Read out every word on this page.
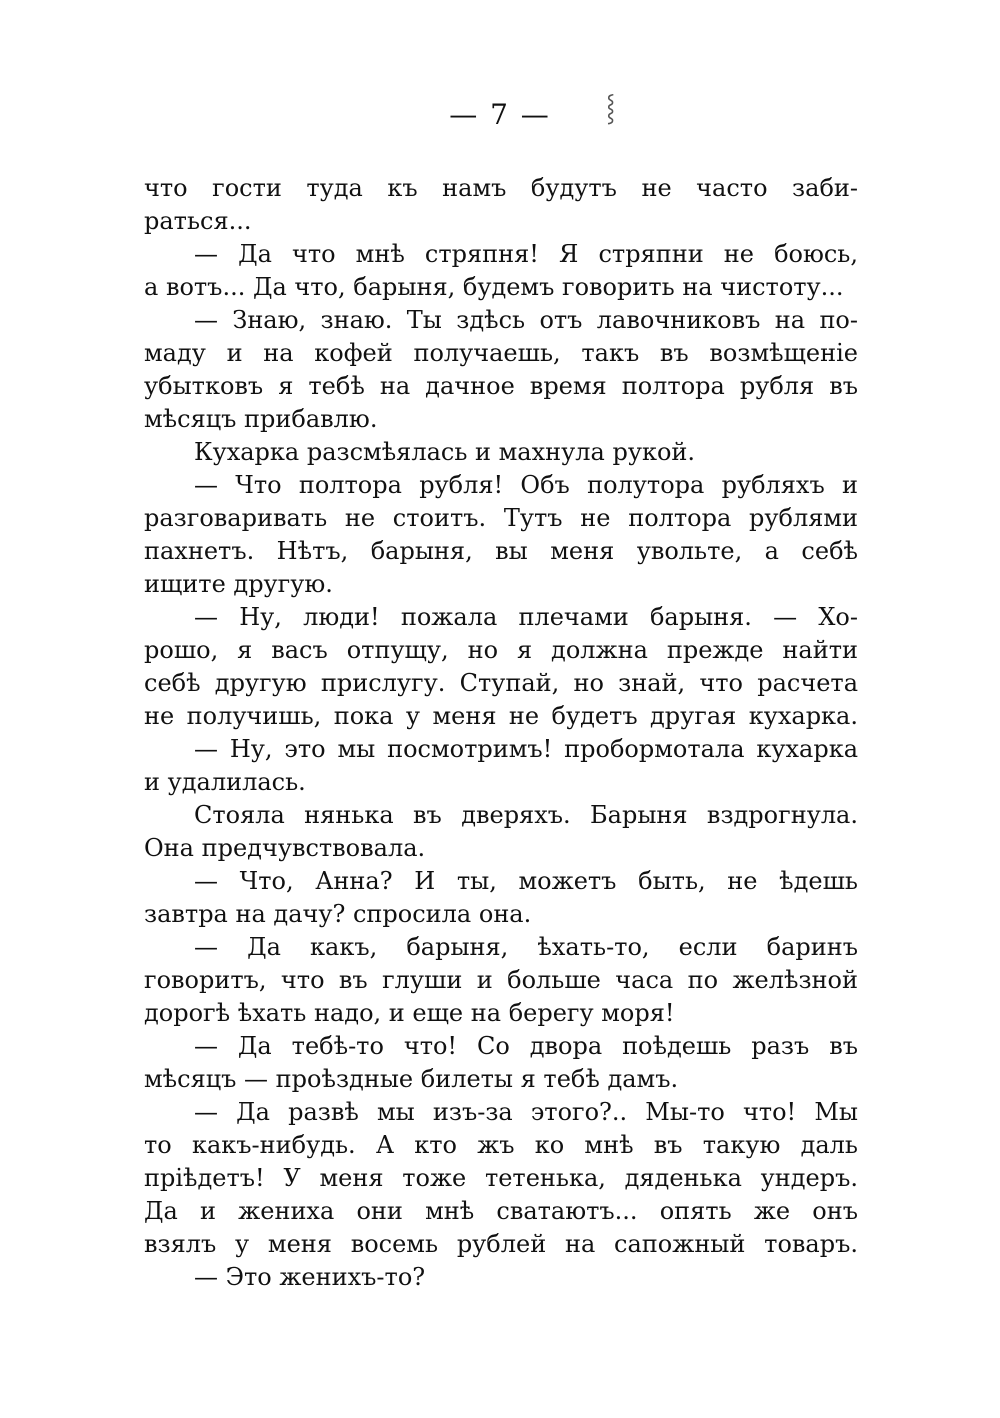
— 7 —	⸾
что гости туда къ намъ будутъ не часто заби-
раться...
— Да что мнѣ стряпня! Я стряпни не боюсь,
а вотъ... Да что, барыня, будемъ говорить на чистоту...
— Знаю, знаю. Ты здѣсь отъ лавочниковъ на по-
маду и на кофей получаешь, такъ въ возмѣщеніе
убытковъ я тебѣ на дачное время полтора рубля въ
мѣсяцъ прибавлю.
Кухарка разсмѣялась и махнула рукой.
— Что полтора рубля! Объ полутора рубляхъ и
разговаривать не стоитъ. Тутъ не полтора рублями
пахнетъ. Нѣтъ, барыня, вы меня увольте, а себѣ
ищите другую.
— Ну, люди! пожала плечами барыня. — Хо-
рошо, я васъ отпущу, но я должна прежде найти
себѣ другую прислугу. Ступай, но знай, что расчета
не получишь, пока у меня не будетъ другая кухарка.
— Ну, это мы посмотримъ! пробормотала кухарка
и удалилась.
Стояла нянька въ дверяхъ. Барыня вздрогнула.
Она предчувствовала.
— Что, Анна? И ты, можетъ быть, не ѣдешь
завтра на дачу? спросила она.
— Да какъ, барыня, ѣхать-то, если баринъ
говоритъ, что въ глуши и больше часа по желѣзной
дорогѣ ѣхать надо, и еще на берегу моря!
— Да тебѣ-то что! Со двора поѣдешь разъ въ
мѣсяцъ — проѣздные билеты я тебѣ дамъ.
— Да развѣ мы изъ-за этого?.. Мы-то что! Мы
то какъ-нибудь. А кто жъ ко мнѣ въ такую даль
пріѣдетъ! У меня тоже тетенька, дяденька ундеръ.
Да и жениха они мнѣ сватаютъ... опять же онъ
взялъ у меня восемь рублей на сапожный товаръ.
— Это женихъ-то?
